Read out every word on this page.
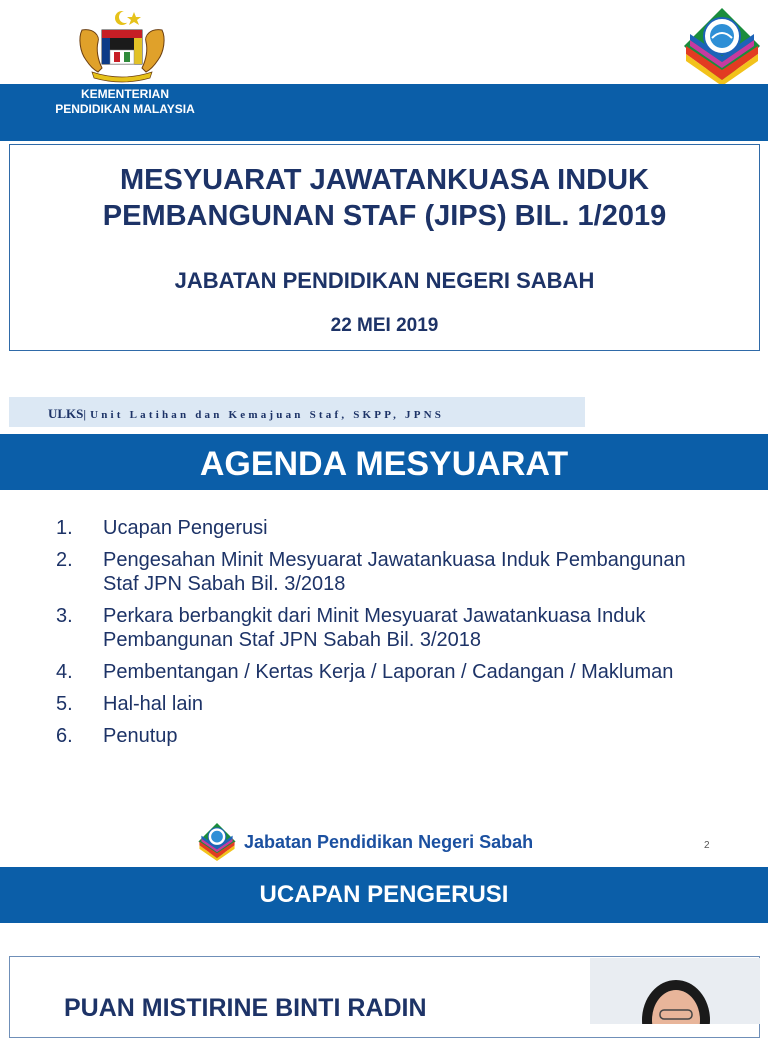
KEMENTERIAN
PENDIDIKAN MALAYSIA
MESYUARAT JAWATANKUASA INDUK
PEMBANGUNAN STAF (JIPS) BIL. 1/2019
JABATAN PENDIDIKAN NEGERI SABAH
22 MEI 2019
ULKS| Unit Latihan dan Kemajuan Staf, SKPP, JPNS
AGENDA MESYUARAT
1.	Ucapan Pengerusi
2.	Pengesahan Minit Mesyuarat Jawatankuasa Induk Pembangunan Staf JPN Sabah Bil. 3/2018
3.	Perkara berbangkit dari Minit Mesyuarat Jawatankuasa Induk Pembangunan Staf JPN Sabah Bil. 3/2018
4.	Pembentangan / Kertas Kerja / Laporan / Cadangan / Makluman
5.	Hal-hal lain
6.	Penutup
Jabatan Pendidikan Negeri Sabah	2
UCAPAN PENGERUSI
PUAN MISTIRINE BINTI RADIN
